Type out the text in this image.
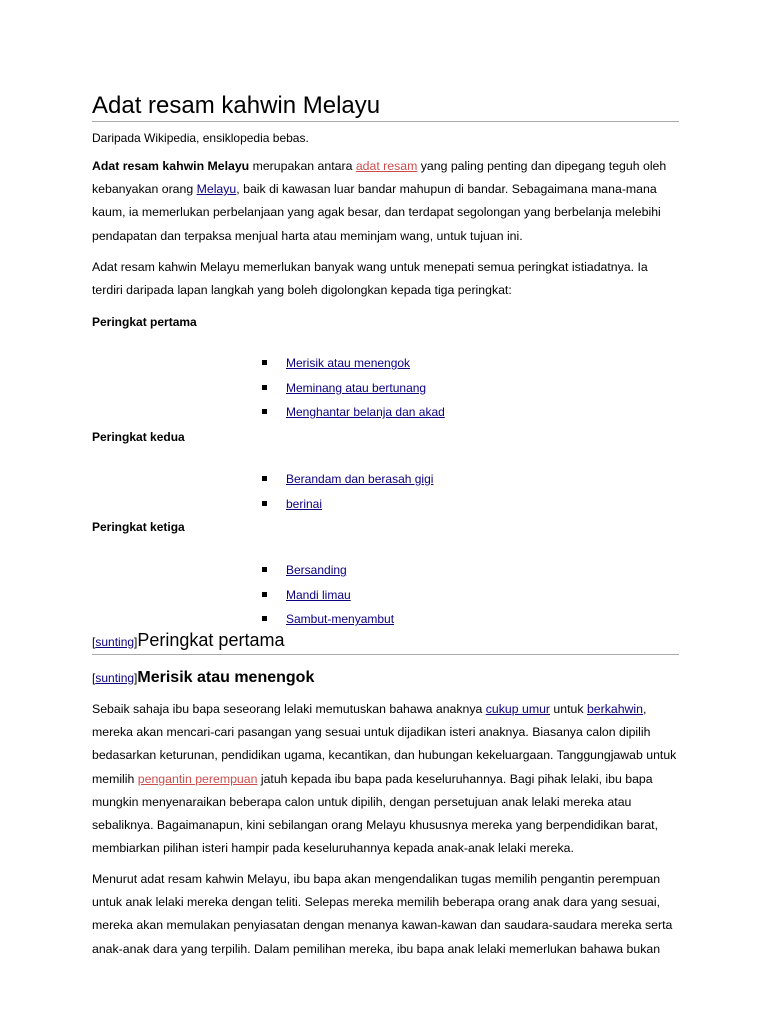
Adat resam kahwin Melayu
Daripada Wikipedia, ensiklopedia bebas.

Adat resam kahwin Melayu merupakan antara adat resam yang paling penting dan dipegang teguh oleh kebanyakan orang Melayu, baik di kawasan luar bandar mahupun di bandar. Sebagaimana mana-mana kaum, ia memerlukan perbelanjaan yang agak besar, dan terdapat segolongan yang berbelanja melebihi pendapatan dan terpaksa menjual harta atau meminjam wang, untuk tujuan ini.

Adat resam kahwin Melayu memerlukan banyak wang untuk menepati semua peringkat istiadatnya. Ia terdiri daripada lapan langkah yang boleh digolongkan kepada tiga peringkat:

Peringkat pertama
Merisik atau menengok
Meminang atau bertunang
Menghantar belanja dan akad
Peringkat kedua
Berandam dan berasah gigi
berinai
Peringkat ketiga
Bersanding
Mandi limau
Sambut-menyambut
[sunting]Peringkat pertama
[sunting]Merisik atau menengok

Sebaik sahaja ibu bapa seseorang lelaki memutuskan bahawa anaknya cukup umur untuk berkahwin, mereka akan mencari-cari pasangan yang sesuai untuk dijadikan isteri anaknya. Biasanya calon dipilih bedasarkan keturunan, pendidikan ugama, kecantikan, dan hubungan kekeluargaan. Tanggungjawab untuk memilih pengantin perempuan jatuh kepada ibu bapa pada keseluruhannya. Bagi pihak lelaki, ibu bapa mungkin menyenaraikan beberapa calon untuk dipilih, dengan persetujuan anak lelaki mereka atau sebaliknya. Bagaimanapun, kini sebilangan orang Melayu khususnya mereka yang berpendidikan barat, membiarkan pilihan isteri hampir pada keseluruhannya kepada anak-anak lelaki mereka.

Menurut adat resam kahwin Melayu, ibu bapa akan mengendalikan tugas memilih pengantin perempuan untuk anak lelaki mereka dengan teliti. Selepas mereka memilih beberapa orang anak dara yang sesuai, mereka akan memulakan penyiasatan dengan menanya kawan-kawan dan saudara-saudara mereka serta anak-anak dara yang terpilih. Dalam pemilihan mereka, ibu bapa anak lelaki memerlukan bahawa bukan
